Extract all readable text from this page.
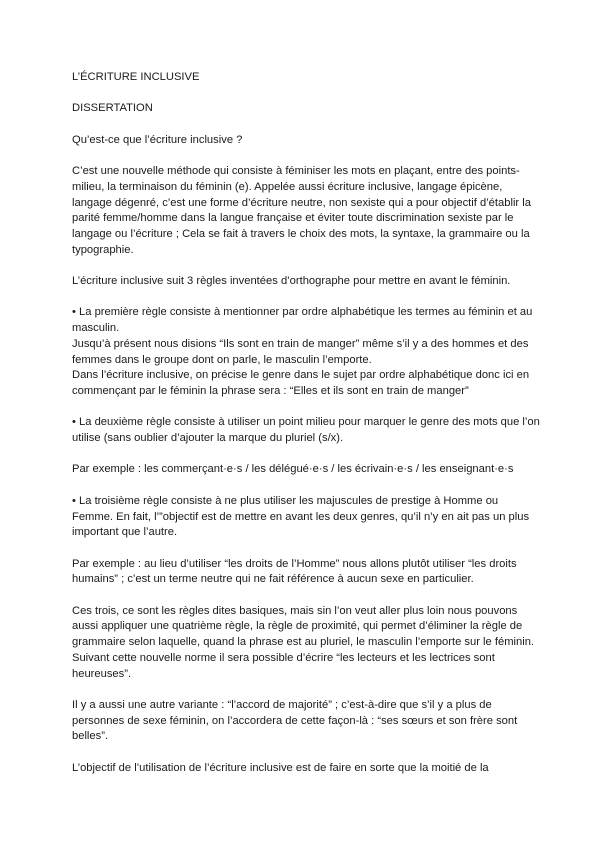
L’ÉCRITURE INCLUSIVE

DISSERTATION

Qu’est-ce que l’écriture inclusive ?

C’est une nouvelle méthode qui consiste à féminiser les mots en plaçant, entre des points-milieu, la terminaison du féminin (e). Appelée aussi écriture inclusive, langage épicène, langage dégenré, c’est une forme d’écriture neutre, non sexiste qui a pour objectif d’établir la parité femme/homme dans la langue française et éviter toute discrimination sexiste par le langage ou l’écriture ; Cela se fait à travers le choix des mots, la syntaxe, la grammaire ou la typographie.

L’écriture inclusive suit 3 règles inventées d’orthographe pour mettre en avant le féminin.

• La première règle consiste à mentionner par ordre alphabétique les termes au féminin et au masculin.

Jusqu’à présent nous disions “Ils sont en train de manger” même s’il y a des hommes et des femmes dans le groupe dont on parle, le masculin l’emporte.

Dans l’écriture inclusive, on précise le genre dans le sujet par ordre alphabétique donc ici en commençant par le féminin la phrase sera : “Elles et ils sont en train de manger”

• La deuxième règle consiste à utiliser un point milieu pour marquer le genre des mots que l’on utilise (sans oublier d’ajouter la marque du pluriel (s/x).

Par exemple : les commerçant·e·s / les délégué·e·s / les écrivain·e·s / les enseignant·e·s

• La troisième règle consiste à ne plus utiliser les majuscules de prestige à Homme ou Femme. En fait, l’”objectif est de mettre en avant les deux genres, qu’il n’y en ait pas un plus important que l’autre.

Par exemple : au lieu d’utiliser “les droits de l’Homme” nous allons plutôt utiliser “les droits humains” ; c’est un terme neutre qui ne fait référence à aucun sexe en particulier.

Ces trois, ce sont les règles dites basiques, mais sin l’on veut aller plus loin nous pouvons aussi appliquer une quatrième règle, la règle de proximité, qui permet d’éliminer la règle de grammaire selon laquelle, quand la phrase est au pluriel, le masculin l’emporte sur le féminin. Suivant cette nouvelle norme il sera possible d’écrire “les lecteurs et les lectrices sont heureuses”.

Il y a aussi une autre variante : “l’accord de majorité” ; c’est-à-dire que s’il y a plus de personnes de sexe féminin, on l’accordera de cette façon-là : “ses sœurs et son frère sont belles”.

L’objectif de l’utilisation de l’écriture inclusive est de faire en sorte que la moitié de la
